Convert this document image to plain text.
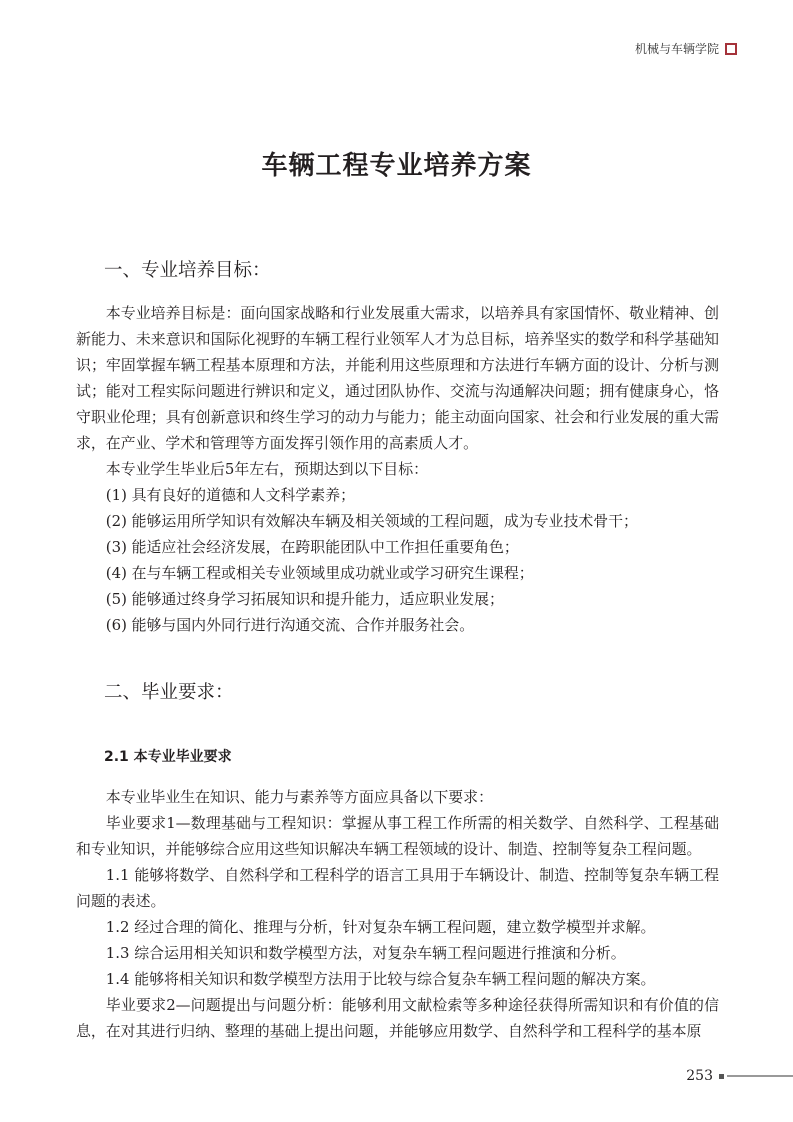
机械与车辆学院
车辆工程专业培养方案
一、专业培养目标：

本专业培养目标是：面向国家战略和行业发展重大需求，以培养具有家国情怀、敬业精神、创新能力、未来意识和国际化视野的车辆工程行业领军人才为总目标，培养坚实的数学和科学基础知识；牢固掌握车辆工程基本原理和方法，并能利用这些原理和方法进行车辆方面的设计、分析与测试；能对工程实际问题进行辨识和定义，通过团队协作、交流与沟通解决问题；拥有健康身心，恪守职业伦理；具有创新意识和终生学习的动力与能力；能主动面向国家、社会和行业发展的重大需求，在产业、学术和管理等方面发挥引领作用的高素质人才。

本专业学生毕业后5年左右，预期达到以下目标：

(1) 具有良好的道德和人文科学素养；

(2) 能够运用所学知识有效解决车辆及相关领域的工程问题，成为专业技术骨干；

(3) 能适应社会经济发展，在跨职能团队中工作担任重要角色；

(4) 在与车辆工程或相关专业领域里成功就业或学习研究生课程；

(5) 能够通过终身学习拓展知识和提升能力，适应职业发展；

(6) 能够与国内外同行进行沟通交流、合作并服务社会。

二、毕业要求：
2.1 本专业毕业要求

本专业毕业生在知识、能力与素养等方面应具备以下要求：

毕业要求1—数理基础与工程知识：掌握从事工程工作所需的相关数学、自然科学、工程基础和专业知识，并能够综合应用这些知识解决车辆工程领域的设计、制造、控制等复杂工程问题。

1.1 能够将数学、自然科学和工程科学的语言工具用于车辆设计、制造、控制等复杂车辆工程问题的表述。

1.2 经过合理的简化、推理与分析，针对复杂车辆工程问题，建立数学模型并求解。

1.3 综合运用相关知识和数学模型方法，对复杂车辆工程问题进行推演和分析。

1.4 能够将相关知识和数学模型方法用于比较与综合复杂车辆工程问题的解决方案。

毕业要求2—问题提出与问题分析：能够利用文献检索等多种途径获得所需知识和有价值的信息，在对其进行归纳、整理的基础上提出问题，并能够应用数学、自然科学和工程科学的基本原

253
